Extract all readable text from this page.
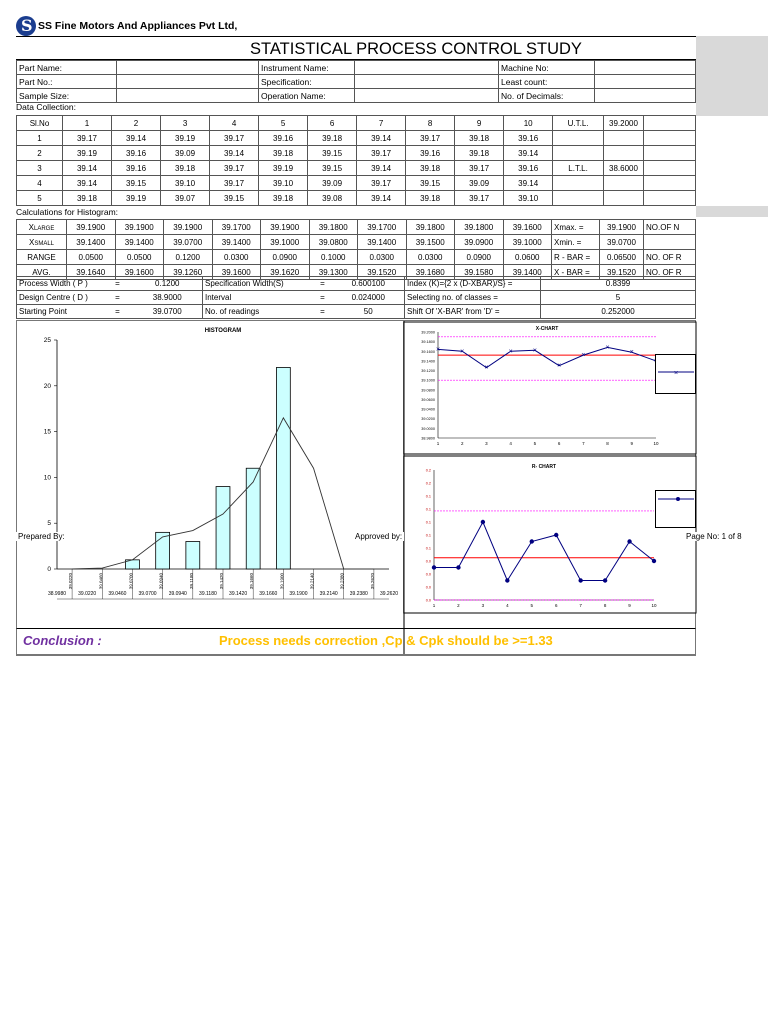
S
SS Fine Motors And Appliances Pvt Ltd,
STATISTICAL PROCESS CONTROL STUDY
Part Name:		Instrument Name:		Machine No:	
Part No.:		Specification:		Least count:	
Sample Size:		Operation Name:		No. of Decimals:	
Data Collection:
Sl.No	1	2	3	4	5	6	7	8	9	10	U.T.L.	39.2000	
1	39.17	39.14	39.19	39.17	39.16	39.18	39.14	39.17	39.18	39.16			
2	39.19	39.16	39.09	39.14	39.18	39.15	39.17	39.16	39.18	39.14			
3	39.14	39.16	39.18	39.17	39.19	39.15	39.14	39.18	39.17	39.16	L.T.L.	38.6000	
4	39.14	39.15	39.10	39.17	39.10	39.09	39.17	39.15	39.09	39.14			
5	39.18	39.19	39.07	39.15	39.18	39.08	39.14	39.18	39.17	39.10			
Calculations for Histogram:
XLARGE	39.1900	39.1900	39.1900	39.1700	39.1900	39.1800	39.1700	39.1800	39.1800	39.1600	Xmax. =	39.1900	NO.OF N
XSMALL	39.1400	39.1400	39.0700	39.1400	39.1000	39.0800	39.1400	39.1500	39.0900	39.1000	Xmin. =	39.0700	
RANGE	0.0500	0.0500	0.1200	0.0300	0.0900	0.1000	0.0300	0.0300	0.0900	0.0600	R - BAR =	0.06500	NO. OF R
AVG.	39.1640	39.1600	39.1260	39.1600	39.1620	39.1300	39.1520	39.1680	39.1580	39.1400	X - BAR =	39.1520	NO. OF R
Process Width ( P )	=	0.1200	Specification Width(S)	=	0.600100	Index (K)={2 x (D-XBAR)/S} =	0.8399
Design Centre ( D )	=	38.9000	Interval	=	0.024000	Selecting no. of classes =	5
Starting Point	=	39.0700	No. of readings	=	50	Shift Of 'X-BAR' from 'D' =	0.252000
HISTOGRAM
0
5
10
15
20
25
39.0220	39.0460	39.0700	39.0940	39.1180	39.1420	39.1660	39.1900	39.2140	39.2380	39.2620
38.9980 39.0220 39.0460 39.0700 39.0940 39.1180 39.1420 39.1660 39.1900 39.2140 39.2380 39.2620
X-CHART
38.9800
39.0000
39.0200
39.0400
39.0600
39.0800
39.1000
39.1200
39.1400
39.1600
39.1800
39.2000
1	2	3	4	5	6	7	8	9	10
×	×
×
×	×
×
×
×
×
R- CHART
0.0
0.0
0.0
0.0
0.1
0.1
0.1
0.1
0.1
0.2
0.2
1	2	3	4	5	6	7	8	9	10
×
Prepared By:	Approved by:	Page No: 1 of 8
Conclusion :	Process needs correction ,Cp & Cpk should be >=1.33
